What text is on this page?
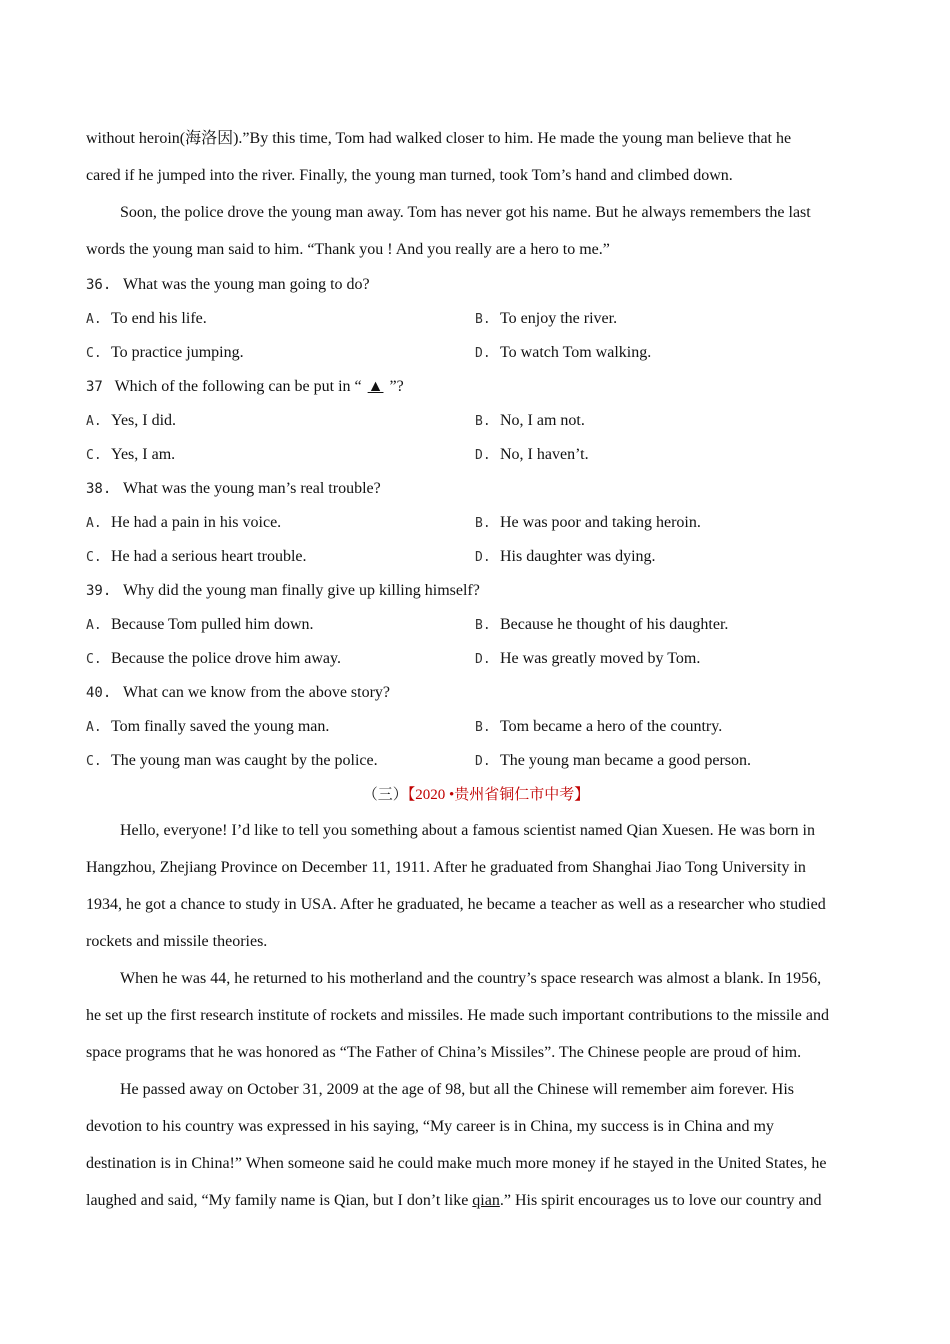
without heroin(海洛因).”By this time, Tom had walked closer to him. He made the young man believe that he
cared if he jumped into the river. Finally, the young man turned, took Tom’s hand and climbed down.
Soon, the police drove the young man away. Tom has never got his name. But he always remembers the last
words the young man said to him. “Thank you ! And you really are a hero to me.”
36. What was the young man going to do?
A. To end his life.	B. To enjoy the river.
C. To practice jumping.	D. To watch Tom walking.
37 Which of the following can be put in “ ▲ ”?
A. Yes, I did.	B. No, I am not.
C. Yes, I am.	D. No, I haven’t.
38. What was the young man’s real trouble?
A. He had a pain in his voice.	B. He was poor and taking heroin.
C. He had a serious heart trouble.	D. His daughter was dying.
39. Why did the young man finally give up killing himself?
A. Because Tom pulled him down.	B. Because he thought of his daughter.
C. Because the police drove him away.	D. He was greatly moved by Tom.
40. What can we know from the above story?
A. Tom finally saved the young man.	B. Tom became a hero of the country.
C. The young man was caught by the police.	D. The young man became a good person.
（三）【2020 •贵州省铜仁市中考】
Hello, everyone! I’d like to tell you something about a famous scientist named Qian Xuesen. He was born in
Hangzhou, Zhejiang Province on December 11, 1911. After he graduated from Shanghai Jiao Tong University in
1934, he got a chance to study in USA. After he graduated, he became a teacher as well as a researcher who studied
rockets and missile theories.
When he was 44, he returned to his motherland and the country’s space research was almost a blank. In 1956,
he set up the first research institute of rockets and missiles. He made such important contributions to the missile and
space programs that he was honored as “The Father of China’s Missiles”. The Chinese people are proud of him.
He passed away on October 31, 2009 at the age of 98, but all the Chinese will remember aim forever. His
devotion to his country was expressed in his saying, “My career is in China, my success is in China and my
destination is in China!” When someone said he could make much more money if he stayed in the United States, he
laughed and said, “My family name is Qian, but I don’t like qian.” His spirit encourages us to love our country and
